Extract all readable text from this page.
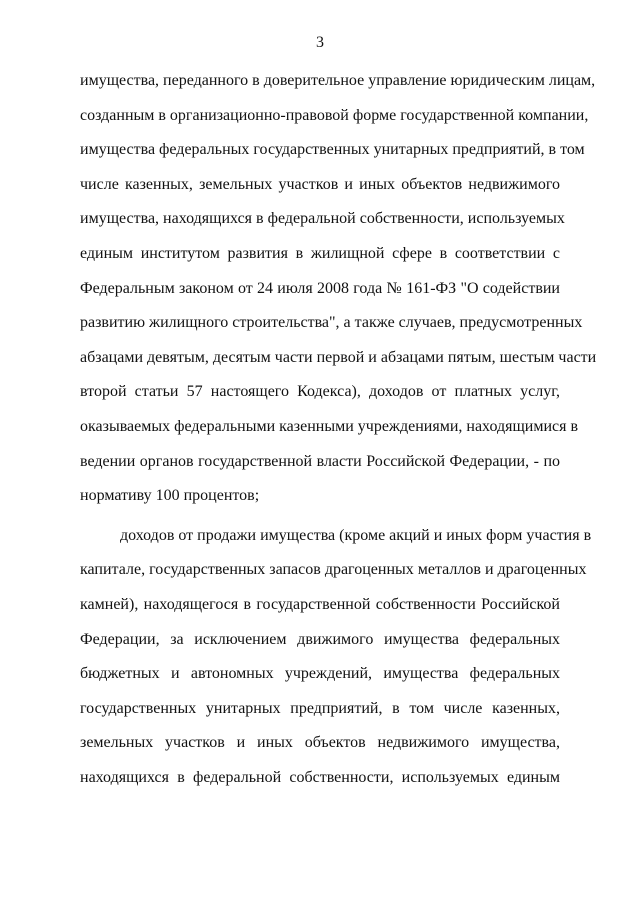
3
имущества, переданного в доверительное управление юридическим лицам,
созданным в организационно-правовой форме государственной компании,
имущества федеральных государственных унитарных предприятий, в том
числе казенных, земельных участков и иных объектов недвижимого
имущества, находящихся в федеральной собственности, используемых
единым институтом развития в жилищной сфере в соответствии с
Федеральным законом от 24 июля 2008 года № 161-ФЗ "О содействии
развитию жилищного строительства", а также случаев, предусмотренных
абзацами девятым, десятым части первой и абзацами пятым, шестым части
второй статьи 57 настоящего Кодекса), доходов от платных услуг,
оказываемых федеральными казенными учреждениями, находящимися в
ведении органов государственной власти Российской Федерации, - по
нормативу 100 процентов;
доходов от продажи имущества (кроме акций и иных форм участия в
капитале, государственных запасов драгоценных металлов и драгоценных
камней), находящегося в государственной собственности Российской
Федерации, за исключением движимого имущества федеральных
бюджетных и автономных учреждений, имущества федеральных
государственных унитарных предприятий, в том числе казенных,
земельных участков и иных объектов недвижимого имущества,
находящихся в федеральной собственности, используемых единым
